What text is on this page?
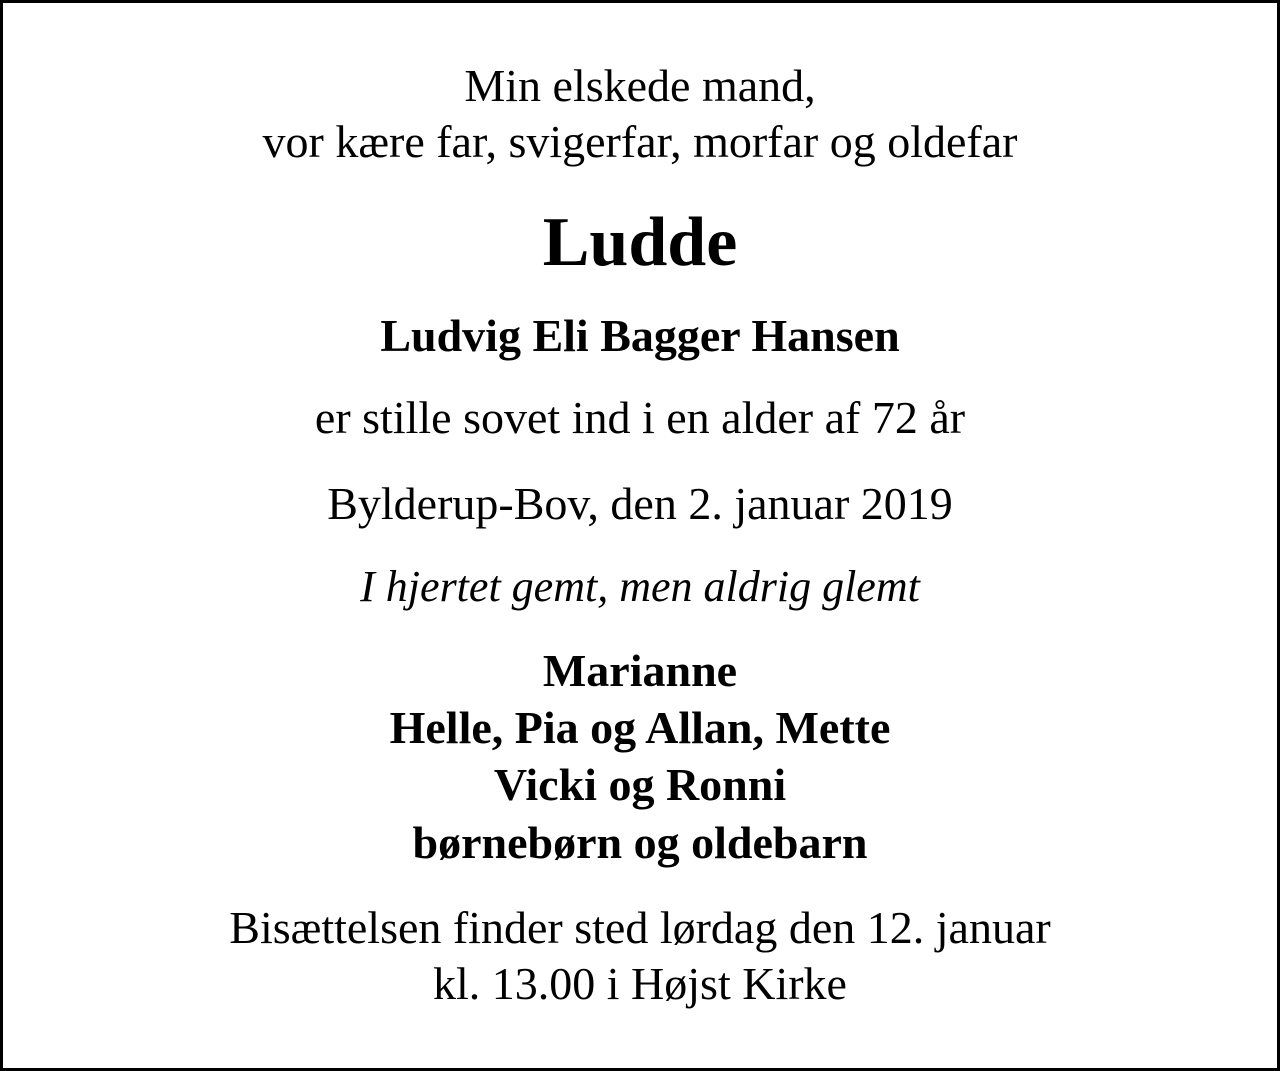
Min elskede mand,
vor kære far, svigerfar, morfar og oldefar
Ludde
Ludvig Eli Bagger Hansen
er stille sovet ind i en alder af 72 år
Bylderup-Bov, den 2. januar 2019
I hjertet gemt, men aldrig glemt
Marianne
Helle, Pia og Allan, Mette
Vicki og Ronni
børnebørn og oldebarn
Bisættelsen finder sted lørdag den 12. januar
kl. 13.00 i Højst Kirke
